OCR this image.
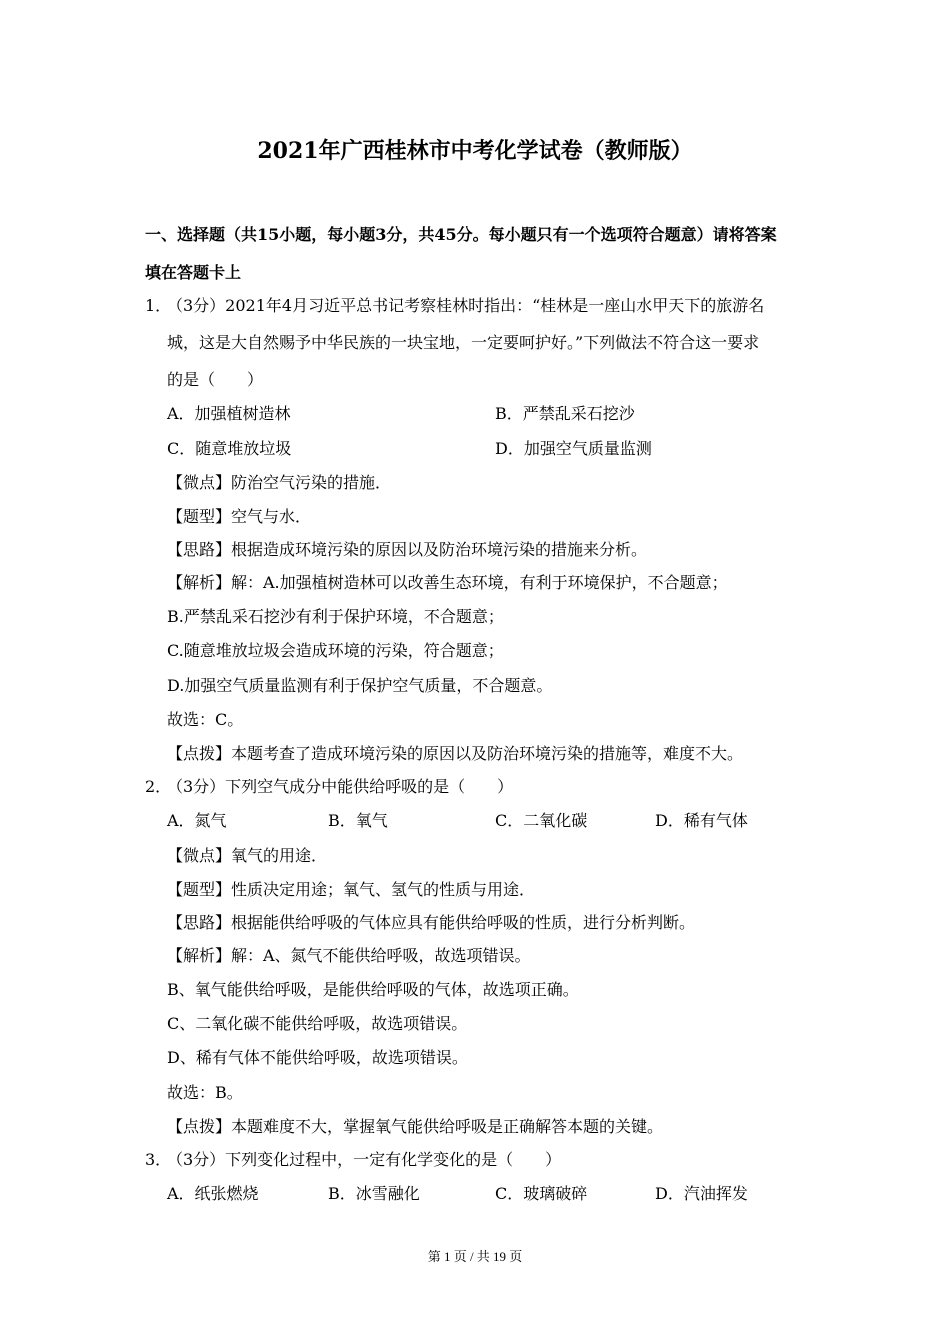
2021年广西桂林市中考化学试卷（教师版）
一、选择题（共15小题，每小题3分，共45分。每小题只有一个选项符合题意）请将答案
填在答题卡上
1．（3分）2021年4月习近平总书记考察桂林时指出：“桂林是一座山水甲天下的旅游名
城，这是大自然赐予中华民族的一块宝地，一定要呵护好。”下列做法不符合这一要求
的是（　　）
A．加强植树造林	B．严禁乱采石挖沙
C．随意堆放垃圾	D．加强空气质量监测
【微点】防治空气污染的措施．
【题型】空气与水．
【思路】根据造成环境污染的原因以及防治环境污染的措施来分析。
【解析】解：A.加强植树造林可以改善生态环境，有利于环境保护，不合题意；
B.严禁乱采石挖沙有利于保护环境，不合题意；
C.随意堆放垃圾会造成环境的污染，符合题意；
D.加强空气质量监测有利于保护空气质量，不合题意。
故选：C。
【点拨】本题考查了造成环境污染的原因以及防治环境污染的措施等，难度不大。
2．（3分）下列空气成分中能供给呼吸的是（　　）
A．氮气	B．氧气	C．二氧化碳	D．稀有气体
【微点】氧气的用途．
【题型】性质决定用途；氧气、氢气的性质与用途．
【思路】根据能供给呼吸的气体应具有能供给呼吸的性质，进行分析判断。
【解析】解：A、氮气不能供给呼吸，故选项错误。
B、氧气能供给呼吸，是能供给呼吸的气体，故选项正确。
C、二氧化碳不能供给呼吸，故选项错误。
D、稀有气体不能供给呼吸，故选项错误。
故选：B。
【点拨】本题难度不大，掌握氧气能供给呼吸是正确解答本题的关键。
3．（3分）下列变化过程中，一定有化学变化的是（　　）
A．纸张燃烧	B．冰雪融化	C．玻璃破碎	D．汽油挥发
第 1 页 / 共 19 页
